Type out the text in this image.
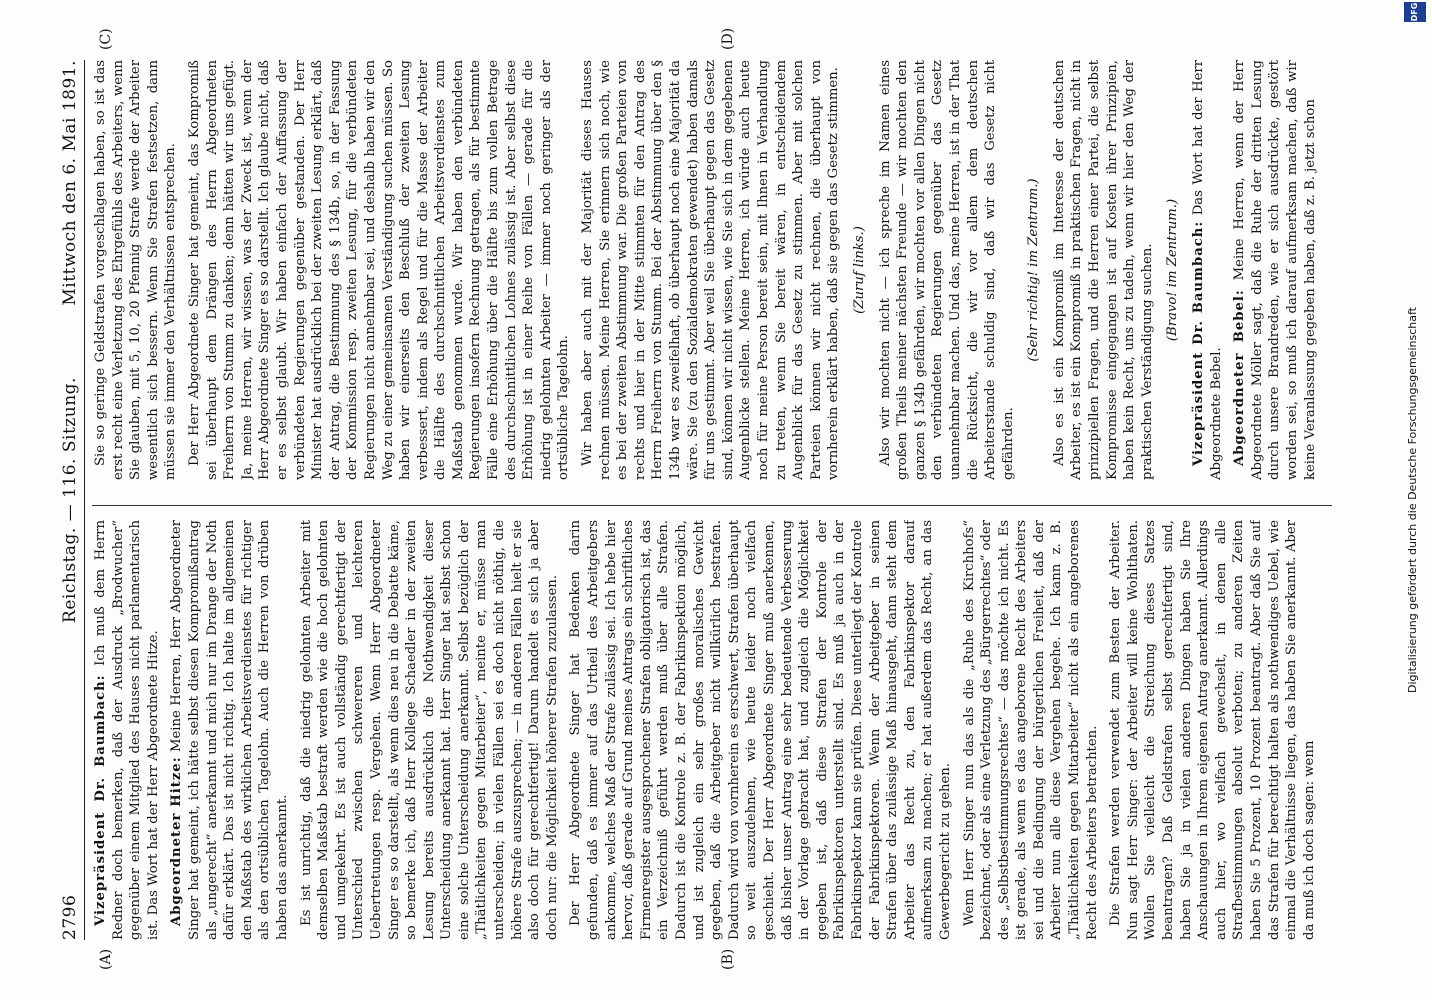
2796
Reichstag. — 116. Sitzung.
Mittwoch den 6. Mai 1891.
(A)	(B)
(C)	(D)

Vizepräsident Dr. Baumbach: Ich muß dem Herrn Redner doch bemerken, daß der Ausdruck „Brodwucher“ gegenüber einem Mitglied des Hauses nicht parlamentarisch ist. Das Wort hat der Herr Abgeordnete Hitze. Abgeordneter Hitze: Meine Herren, Herr Abgeordneter Singer hat gemeint, ich hätte selbst diesen Kompromißantrag als „ungerecht“ anerkannt und mich nur im Drange der Noth dafür erklärt. Das ist nicht richtig. Ich halte im allgemeinen den Maßstab des wirklichen Arbeitsverdienstes für richtiger als den ortsüblichen Tagelohn. Auch die Herren von drüben haben das anerkannt. Es ist unrichtig, daß die niedrig gelohnten Arbeiter mit demselben Maßstab bestraft werden wie die hoch gelohnten und umgekehrt. Es ist auch vollständig gerechtfertigt der Unterschied zwischen schwereren und leichteren Uebertretungen resp. Vergehen. Wenn Herr Abgeordneter Singer es so darstellt, als wenn dies neu in die Debatte käme, so bemerke ich, daß Herr Kollege Schaedler in der zweiten Lesung bereits ausdrücklich die Nothwendigkeit dieser Unterscheidung anerkannt hat. Herr Singer hat selbst schon eine solche Unterscheidung anerkannt. Selbst bezüglich der „Thätlichkeiten gegen Mitarbeiter“, meinte er, müsse man unterscheiden; in vielen Fällen sei es doch nicht nöthig, die höhere Strafe auszusprechen; — in anderen Fällen hielt er sie also doch für gerechtfertigt! Darum handelt es sich ja aber doch nur: die Möglichkeit höherer Strafen zuzulassen. Der Herr Abgeordnete Singer hat Bedenken darin gefunden, daß es immer auf das Urtheil des Arbeitgebers ankomme, welches Maß der Strafe zulässig sei. Ich hebe hier hervor, daß gerade auf Grund meines Antrags ein schriftliches Firmenregister ausgesprochener Strafen obligatorisch ist, das ein Verzeichniß geführt werden muß über alle Strafen. Dadurch ist die Kontrole z. B. der Fabrikinspektion möglich, und ist zugleich ein sehr großes moralisches Gewicht gegeben, daß die Arbeitgeber nicht willkürlich bestrafen. Dadurch wird von vornherein es erschwert, Strafen überhaupt so weit auszudehnen, wie heute leider noch vielfach geschieht. Der Herr Abgeordnete Singer muß anerkennen, daß bisher unser Antrag eine sehr bedeutende Verbesserung in der Vorlage gebracht hat, und zugleich die Möglichkeit gegeben ist, daß diese Strafen der Kontrole der Fabrikinspektoren unterstellt sind. Es muß ja auch in der Fabrikinspektor kann sie prüfen. Diese unterliegt der Kontrole der Fabrikinspektoren. Wenn der Arbeitgeber in seinen Strafen über das zulässige Maß hinausgeht, dann steht dem Arbeiter das Recht zu, den Fabrikinspektor darauf aufmerksam zu machen; er hat außerdem das Recht, an das Gewerbegericht zu gehen. Wenn Herr Singer nun das als die „Ruhe des Kirchhofs“ bezeichnet, oder als eine Verletzung des „Bürgerrechtes“ oder des „Selbstbestimmungsrechtes“ — das möchte ich nicht. Es ist gerade, als wenn es das angeborene Recht des Arbeiters sei und die Bedingung der bürgerlichen Freiheit, daß der Arbeiter nun alle diese Vergehen begehe. Ich kann z. B. „Thätlichkeiten gegen Mitarbeiter“ nicht als ein angeborenes Recht des Arbeiters betrachten. Die Strafen werden verwendet zum Besten der Arbeiter. Nun sagt Herr Singer: der Arbeiter will keine Wohlthaten. Wollen Sie vielleicht die Streichung dieses Satzes beantragen? Daß Geldstrafen selbst gerechtfertigt sind, haben Sie ja in vielen anderen Dingen haben Sie Ihre Anschauungen in Ihrem eigenen Antrag anerkannt. Allerdings auch hier, wo vielfach gewechselt, in denen alle Strafbestimmungen absolut verboten; zu anderen Zeiten haben Sie 5 Prozent, 10 Prozent beantragt. Aber daß Sie auf das Strafen für berechtigt halten als nothwendiges Uebel, wie einmal die Verhältnisse liegen, das haben Sie anerkannt. Aber da muß ich doch sagen: wenn

Sie so geringe Geldstrafen vorgeschlagen haben, so ist das erst recht eine Verletzung des Ehrgefühls des Arbeiters, wenn Sie glauben, mit 5, 10, 20 Pfennig Strafe werde der Arbeiter wesentlich sich bessern. Wenn Sie Strafen festsetzen, dann müssen sie immer den Verhältnissen entsprechen. Der Herr Abgeordnete Singer hat gemeint, das Kompromiß sei überhaupt dem Drängen des Herrn Abgeordneten Freiherrn von Stumm zu danken; denn hätten wir uns gefügt. Ja, meine Herren, wir wissen, was der Zweck ist, wenn der Herr Abgeordnete Singer es so darstellt. Ich glaube nicht, daß er es selbst glaubt. Wir haben einfach der Auffassung der verbündeten Regierungen gegenüber gestanden. Der Herr Minister hat ausdrücklich bei der zweiten Lesung erklärt, daß der Antrag, die Bestimmung des § 134b, so, in der Fassung der Kommission resp. zweiten Lesung, für die verbündeten Regierungen nicht annehmbar sei, und deshalb haben wir den Weg zu einer gemeinsamen Verständigung suchen müssen. So haben wir einerseits den Beschluß der zweiten Lesung verbessert, indem als Regel und für die Masse der Arbeiter die Hälfte des durchschnittlichen Arbeitsverdienstes zum Maßstab genommen wurde. Wir haben den verbündeten Regierungen insofern Rechnung getragen, als für bestimmte Fälle eine Erhöhung über die Hälfte bis zum vollen Betrage des durchschnittlichen Lohnes zulässig ist. Aber selbst diese Erhöhung ist in einer Reihe von Fällen — gerade für die niedrig gelohnten Arbeiter — immer noch geringer als der ortsübliche Tagelohn. Wir haben aber auch mit der Majorität dieses Hauses rechnen müssen. Meine Herren, Sie erinnern sich noch, wie es bei der zweiten Abstimmung war. Die großen Parteien von rechts und hier in der Mitte stimmten für den Antrag des Herrn Freiherrn von Stumm. Bei der Abstimmung über den § 134b war es zweifelhaft, ob überhaupt noch eine Majorität da wäre. Sie (zu den Sozialdemokraten gewendet) haben damals für uns gestimmt. Aber weil Sie überhaupt gegen das Gesetz sind, können wir nicht wissen, wie Sie sich in dem gegebenen Augenblicke stellen. Meine Herren, ich würde auch heute noch für meine Person bereit sein, mit Ihnen in Verhandlung zu treten, wenn Sie bereit wären, in entscheidendem Augenblick für das Gesetz zu stimmen. Aber mit solchen Parteien können wir nicht rechnen, die überhaupt von vornherein erklärt haben, daß sie gegen das Gesetz stimmen. (Zuruf links.) Also wir mochten nicht — ich spreche im Namen eines großen Theils meiner nächsten Freunde — wir mochten den ganzen § 134b gefährden, wir mochten vor allen Dingen nicht den verbündeten Regierungen gegenüber das Gesetz unannehmbar machen. Und das, meine Herren, ist in der That die Rücksicht, die wir vor allem dem deutschen Arbeiterstande schuldig sind, daß wir das Gesetz nicht gefährden.

(Sehr richtig! im Zentrum.) Also es ist ein Kompromiß im Interesse der deutschen Arbeiter, es ist ein Kompromiß in praktischen Fragen, nicht in prinzipiellen Fragen, und die Herren einer Partei, die selbst Kompromisse eingegangen ist auf Kosten ihrer Prinzipien, haben kein Recht, uns zu tadeln, wenn wir hier den Weg der praktischen Verständigung suchen. (Bravo! im Zentrum.) Vizepräsident Dr. Baumbach: Das Wort hat der Herr Abgeordnete Bebel. Abgeordneter Bebel: Meine Herren, wenn der Herr Abgeordnete Möller sagt, daß die Ruhe der dritten Lesung durch unsere Brandreden, wie er sich ausdrückte, gestört worden sei, so muß ich darauf aufmerksam machen, daß wir keine Veranlassung gegeben haben, daß z. B. jetzt schon

Digitalisierung gefördert durch die Deutsche Forschungsgemeinschaft
DFG
